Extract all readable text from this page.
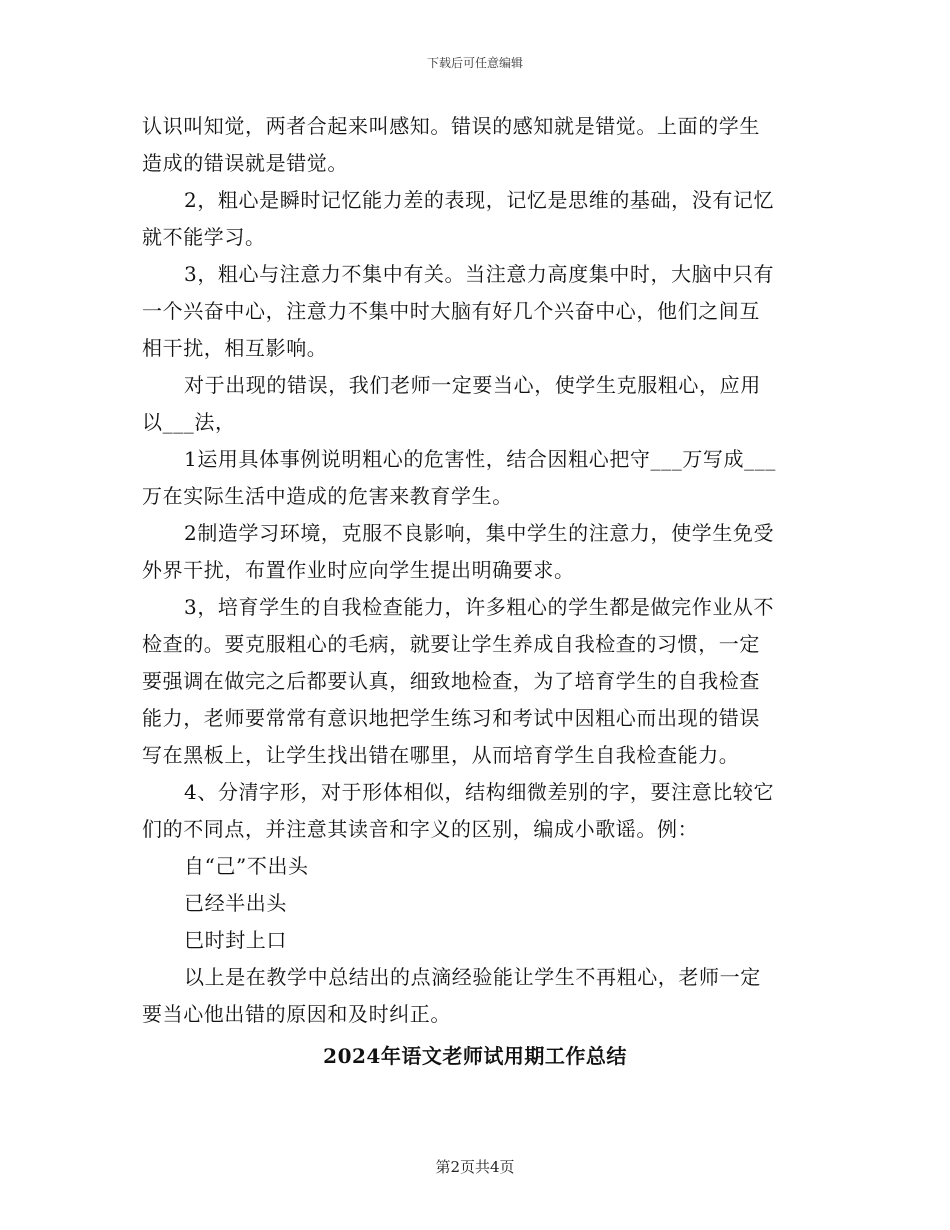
下载后可任意编辑
认识叫知觉，两者合起来叫感知。错误的感知就是错觉。上面的学生
造成的错误就是错觉。
2，粗心是瞬时记忆能力差的表现，记忆是思维的基础，没有记忆
就不能学习。
3，粗心与注意力不集中有关。当注意力高度集中时，大脑中只有
一个兴奋中心，注意力不集中时大脑有好几个兴奋中心，他们之间互
相干扰，相互影响。
对于出现的错误，我们老师一定要当心，使学生克服粗心，应用
以___法，
1运用具体事例说明粗心的危害性，结合因粗心把守___万写成___
万在实际生活中造成的危害来教育学生。
2制造学习环境，克服不良影响，集中学生的注意力，使学生免受
外界干扰，布置作业时应向学生提出明确要求。
3，培育学生的自我检查能力，许多粗心的学生都是做完作业从不
检查的。要克服粗心的毛病，就要让学生养成自我检查的习惯，一定
要强调在做完之后都要认真，细致地检查，为了培育学生的自我检查
能力，老师要常常有意识地把学生练习和考试中因粗心而出现的错误
写在黑板上，让学生找出错在哪里，从而培育学生自我检查能力。
4、分清字形，对于形体相似，结构细微差别的字，要注意比较它
们的不同点，并注意其读音和字义的区别，编成小歌谣。例：
自“己”不出头
已经半出头
巳时封上口
以上是在教学中总结出的点滴经验能让学生不再粗心，老师一定
要当心他出错的原因和及时纠正。
2024年语文老师试用期工作总结
第2页共4页
